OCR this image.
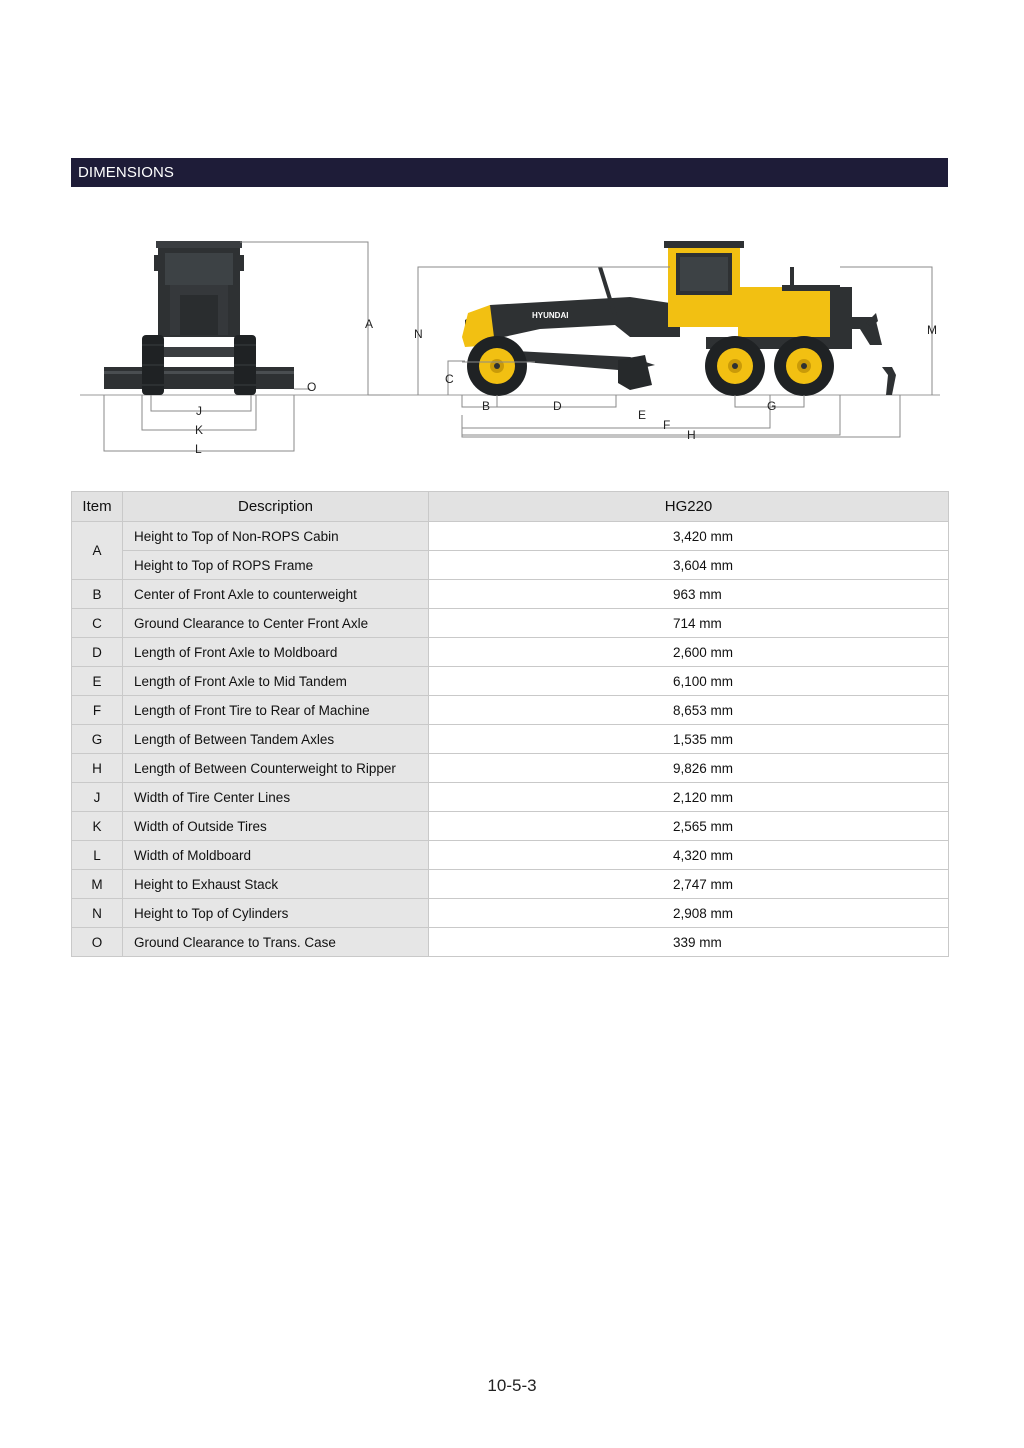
DIMENSIONS
HYUNDAI
A
N	M
O
C
B	D
E
F
H
G
J
K
L
Item	Description	HG220
A	Height to Top of Non-ROPS Cabin	3,420 mm
	Height to Top of ROPS Frame	3,604 mm
B	Center of Front Axle to counterweight	963 mm
C	Ground Clearance to Center Front Axle	714 mm
D	Length of Front Axle to Moldboard	2,600 mm
E	Length of Front Axle to Mid Tandem	6,100 mm
F	Length of Front Tire to Rear of Machine	8,653 mm
G	Length of Between Tandem Axles	1,535 mm
H	Length of Between Counterweight to Ripper	9,826 mm
J	Width of Tire Center Lines	2,120 mm
K	Width of Outside Tires	2,565 mm
L	Width of Moldboard	4,320 mm
M	Height to Exhaust Stack	2,747 mm
N	Height to Top of Cylinders	2,908 mm
O	Ground Clearance to Trans. Case	339 mm
10-5-3
